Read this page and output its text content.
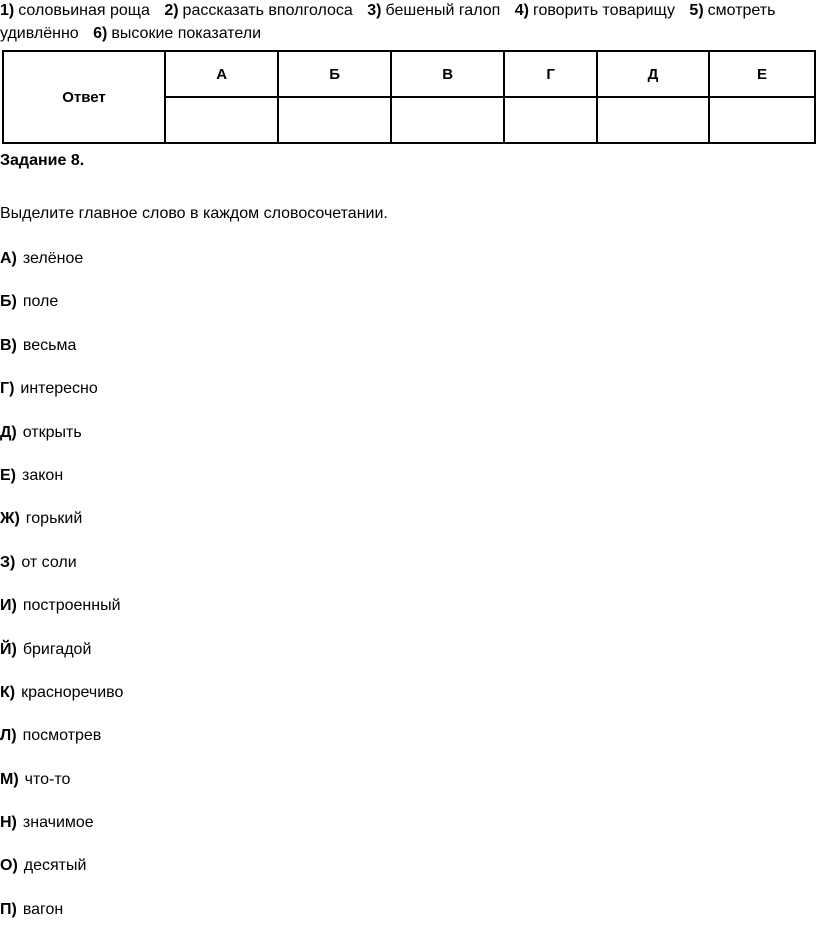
1) соловьиная роща 2) рассказать вполголоса 3) бешеный галоп 4) говорить товарищу 5) смотреть
удивлённо 6) высокие показатели
Ответ	А	Б	В	Г	Д	Е

Задание 8.
Выделите главное слово в каждом словосочетании.
А) зелёное
Б) поле
В) весьма
Г) интересно
Д) открыть
Е) закон
Ж) горький
З) от соли
И) построенный
Й) бригадой
К) красноречиво
Л) посмотрев
М) что-то
Н) значимое
О) десятый
П) вагон
